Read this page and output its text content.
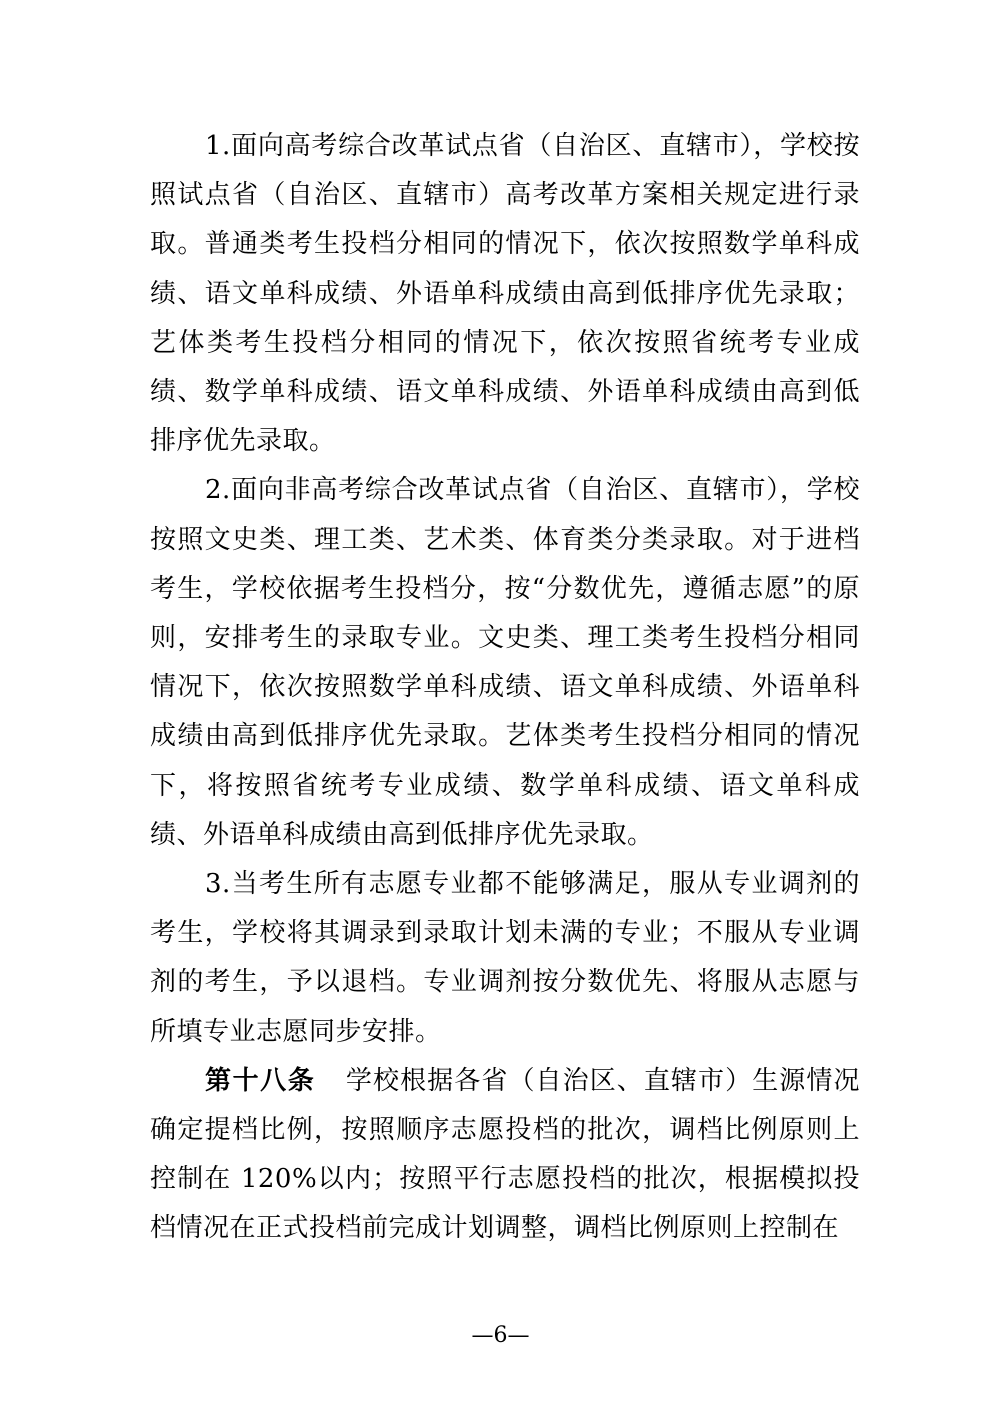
1.面向高考综合改革试点省（自治区、直辖市），学校按照试点省（自治区、直辖市）高考改革方案相关规定进行录取。普通类考生投档分相同的情况下，依次按照数学单科成绩、语文单科成绩、外语单科成绩由高到低排序优先录取；艺体类考生投档分相同的情况下，依次按照省统考专业成绩、数学单科成绩、语文单科成绩、外语单科成绩由高到低排序优先录取。

2.面向非高考综合改革试点省（自治区、直辖市），学校按照文史类、理工类、艺术类、体育类分类录取。对于进档考生，学校依据考生投档分，按“分数优先，遵循志愿”的原则，安排考生的录取专业。文史类、理工类考生投档分相同情况下，依次按照数学单科成绩、语文单科成绩、外语单科成绩由高到低排序优先录取。艺体类考生投档分相同的情况下，将按照省统考专业成绩、数学单科成绩、语文单科成绩、外语单科成绩由高到低排序优先录取。

3.当考生所有志愿专业都不能够满足，服从专业调剂的考生，学校将其调录到录取计划未满的专业；不服从专业调剂的考生，予以退档。专业调剂按分数优先、将服从志愿与所填专业志愿同步安排。

第十八条 学校根据各省（自治区、直辖市）生源情况确定提档比例，按照顺序志愿投档的批次，调档比例原则上控制在 120%以内；按照平行志愿投档的批次，根据模拟投档情况在正式投档前完成计划调整，调档比例原则上控制在

—6—
